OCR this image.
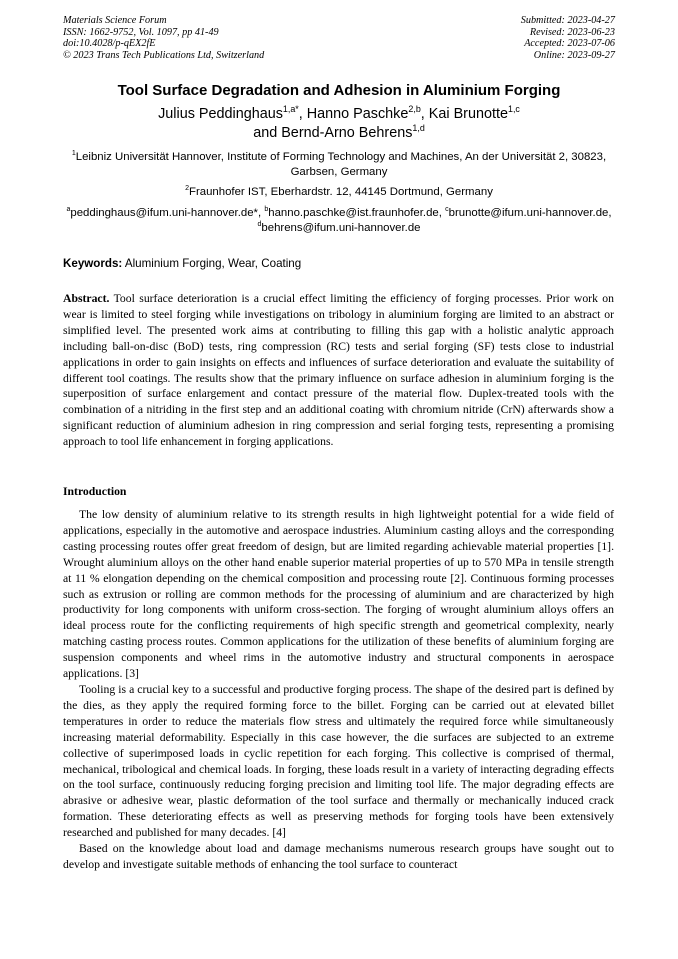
Materials Science Forum
ISSN: 1662-9752, Vol. 1097, pp 41-49
doi:10.4028/p-qEX2fE
© 2023 Trans Tech Publications Ltd, Switzerland
Submitted: 2023-04-27
Revised: 2023-06-23
Accepted: 2023-07-06
Online: 2023-09-27
Tool Surface Degradation and Adhesion in Aluminium Forging
Julius Peddinghaus$^{1,a*}$, Hanno Paschke$^{2,b}$, Kai Brunotte$^{1,c}$
and Bernd-Arno Behrens$^{1,d}$
$^1$Leibniz Universität Hannover, Institute of Forming Technology and Machines, An der Universität 2, 30823, Garbsen, Germany
$^2$Fraunhofer IST, Eberhardstr. 12, 44145 Dortmund, Germany
$^a$peddinghaus@ifum.uni-hannover.de*, $^b$hanno.paschke@ist.fraunhofer.de, $^c$brunotte@ifum.uni-hannover.de, $^d$behrens@ifum.uni-hannover.de
Keywords: Aluminium Forging, Wear, Coating
Abstract. Tool surface deterioration is a crucial effect limiting the efficiency of forging processes. Prior work on wear is limited to steel forging while investigations on tribology in aluminium forging are limited to an abstract or simplified level. The presented work aims at contributing to filling this gap with a holistic analytic approach including ball-on-disc (BoD) tests, ring compression (RC) tests and serial forging (SF) tests close to industrial applications in order to gain insights on effects and influences of surface deterioration and evaluate the suitability of different tool coatings. The results show that the primary influence on surface adhesion in aluminium forging is the superposition of surface enlargement and contact pressure of the material flow. Duplex-treated tools with the combination of a nitriding in the first step and an additional coating with chromium nitride (CrN) afterwards show a significant reduction of aluminium adhesion in ring compression and serial forging tests, representing a promising approach to tool life enhancement in forging applications.
Introduction

The low density of aluminium relative to its strength results in high lightweight potential for a wide field of applications, especially in the automotive and aerospace industries. Aluminium casting alloys and the corresponding casting processing routes offer great freedom of design, but are limited regarding achievable material properties [1]. Wrought aluminium alloys on the other hand enable superior material properties of up to 570 MPa in tensile strength at 11 % elongation depending on the chemical composition and processing route [2]. Continuous forming processes such as extrusion or rolling are common methods for the processing of aluminium and are characterized by high productivity for long components with uniform cross-section. The forging of wrought aluminium alloys offers an ideal process route for the conflicting requirements of high specific strength and geometrical complexity, nearly matching casting process routes. Common applications for the utilization of these benefits of aluminium forging are suspension components and wheel rims in the automotive industry and structural components in aerospace applications. [3]

Tooling is a crucial key to a successful and productive forging process. The shape of the desired part is defined by the dies, as they apply the required forming force to the billet. Forging can be carried out at elevated billet temperatures in order to reduce the materials flow stress and ultimately the required force while simultaneously increasing material deformability. Especially in this case however, the die surfaces are subjected to an extreme collective of superimposed loads in cyclic repetition for each forging. This collective is comprised of thermal, mechanical, tribological and chemical loads. In forging, these loads result in a variety of interacting degrading effects on the tool surface, continuously reducing forging precision and limiting tool life. The major degrading effects are abrasive or adhesive wear, plastic deformation of the tool surface and thermally or mechanically induced crack formation. These deteriorating effects as well as preserving methods for forging tools have been extensively researched and published for many decades. [4]

Based on the knowledge about load and damage mechanisms numerous research groups have sought out to develop and investigate suitable methods of enhancing the tool surface to counteract
